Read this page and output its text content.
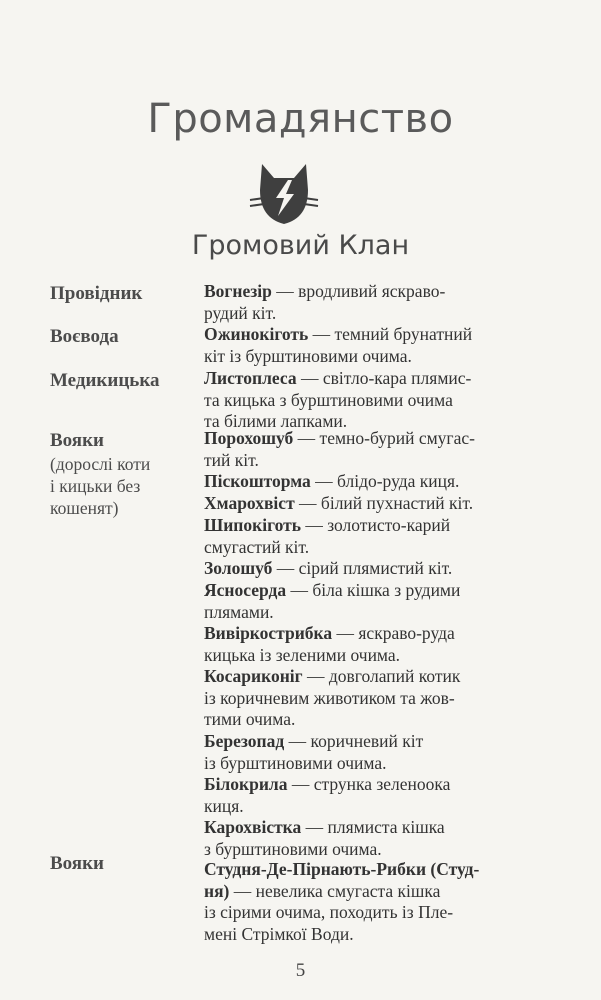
Громадянство
Громовий Клан
Провідник
Воєвода
Медикицька
Вояки
(дорослі коти
і кицьки без
кошенят)
Вояки
Вогнезір — вродливий яскраво-
рудий кіт.
Ожинокіготь — темний брунатний
кіт із бурштиновими очима.
Листоплеса — світло-кара плямис-
та кицька з бурштиновими очима
та білими лапками.
Порохошуб — темно-бурий смугас-
тий кіт.
Піскошторма — блідо-руда киця.
Хмарохвіст — білий пухнастий кіт.
Шипокіготь — золотисто-карий
смугастий кіт.
Золошуб — сірий плямистий кіт.
Ясносерда — біла кішка з рудими
плямами.
Вивіркострибка — яскраво-руда
кицька із зеленими очима.
Косариконіг — довголапий котик
із коричневим животиком та жов-
тими очима.
Березопад — коричневий кіт
із бурштиновими очима.
Білокрила — струнка зеленоока
киця.
Карохвістка — плямиста кішка
з бурштиновими очима.
Студня-Де-Пірнають-Рибки (Студ-
ня) — невелика смугаста кішка
із сірими очима, походить із Пле-
мені Стрімкої Води.
5
